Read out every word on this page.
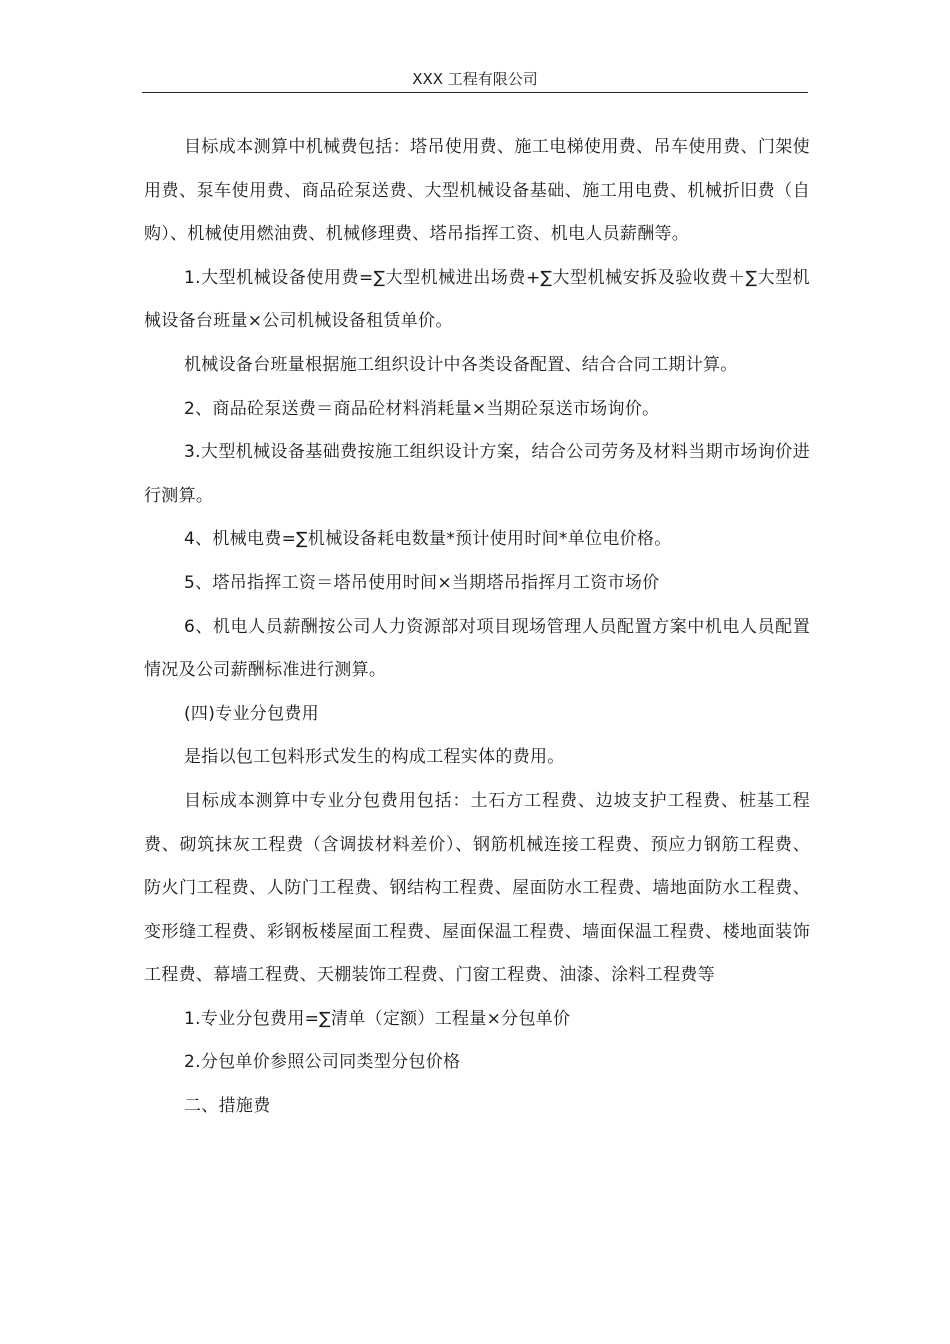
XXX 工程有限公司

目标成本测算中机械费包括：塔吊使用费、施工电梯使用费、吊车使用费、门架使用费、泵车使用费、商品砼泵送费、大型机械设备基础、施工用电费、机械折旧费（自购）、机械使用燃油费、机械修理费、塔吊指挥工资、机电人员薪酬等。

1.大型机械设备使用费=∑大型机械进出场费+∑大型机械安拆及验收费＋∑大型机械设备台班量×公司机械设备租赁单价。

机械设备台班量根据施工组织设计中各类设备配置、结合合同工期计算。

2、商品砼泵送费＝商品砼材料消耗量×当期砼泵送市场询价。

3.大型机械设备基础费按施工组织设计方案，结合公司劳务及材料当期市场询价进行测算。

4、机械电费=∑机械设备耗电数量*预计使用时间*单位电价格。

5、塔吊指挥工资＝塔吊使用时间×当期塔吊指挥月工资市场价

6、机电人员薪酬按公司人力资源部对项目现场管理人员配置方案中机电人员配置情况及公司薪酬标准进行测算。

(四)专业分包费用

是指以包工包料形式发生的构成工程实体的费用。

目标成本测算中专业分包费用包括：土石方工程费、边坡支护工程费、桩基工程费、砌筑抹灰工程费（含调拔材料差价）、钢筋机械连接工程费、预应力钢筋工程费、防火门工程费、人防门工程费、钢结构工程费、屋面防水工程费、墙地面防水工程费、变形缝工程费、彩钢板楼屋面工程费、屋面保温工程费、墙面保温工程费、楼地面装饰工程费、幕墙工程费、天棚装饰工程费、门窗工程费、油漆、涂料工程费等

1.专业分包费用=∑清单（定额）工程量×分包单价

2.分包单价参照公司同类型分包价格

二、措施费
